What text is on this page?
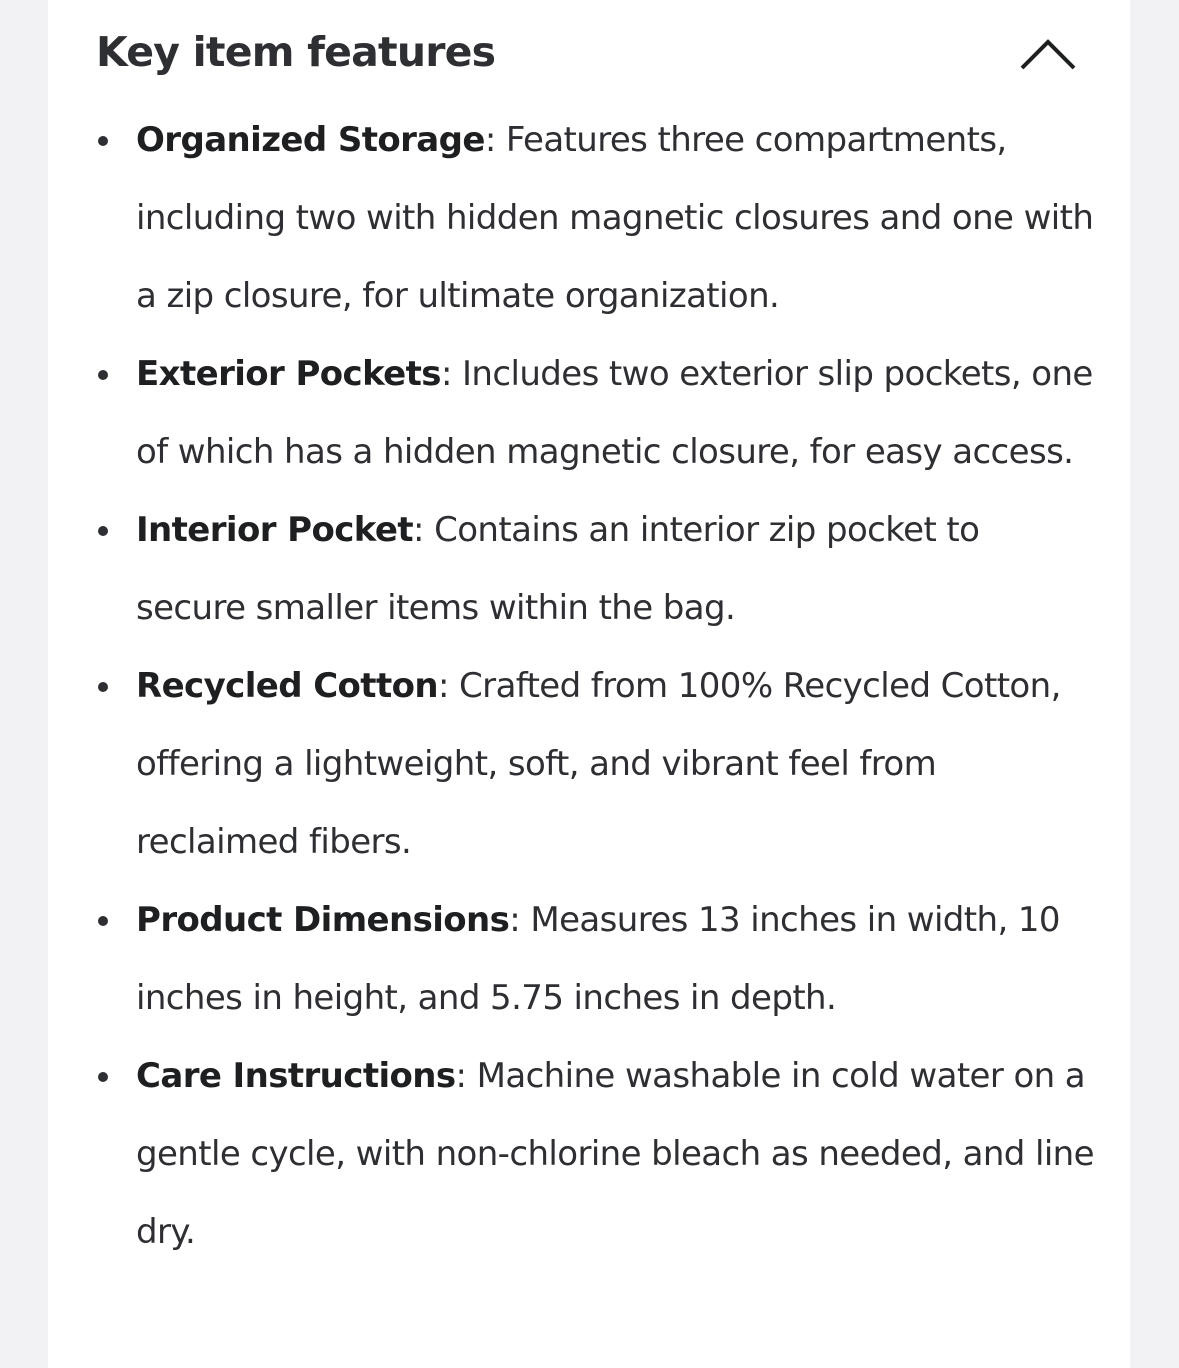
Key item features
Organized Storage: Features three compartments, including two with hidden magnetic closures and one with a zip closure, for ultimate organization.
Exterior Pockets: Includes two exterior slip pockets, one of which has a hidden magnetic closure, for easy access.
Interior Pocket: Contains an interior zip pocket to secure smaller items within the bag.
Recycled Cotton: Crafted from 100% Recycled Cotton, offering a lightweight, soft, and vibrant feel from reclaimed fibers.
Product Dimensions: Measures 13 inches in width, 10 inches in height, and 5.75 inches in depth.
Care Instructions: Machine washable in cold water on a gentle cycle, with non-chlorine bleach as needed, and line dry.
